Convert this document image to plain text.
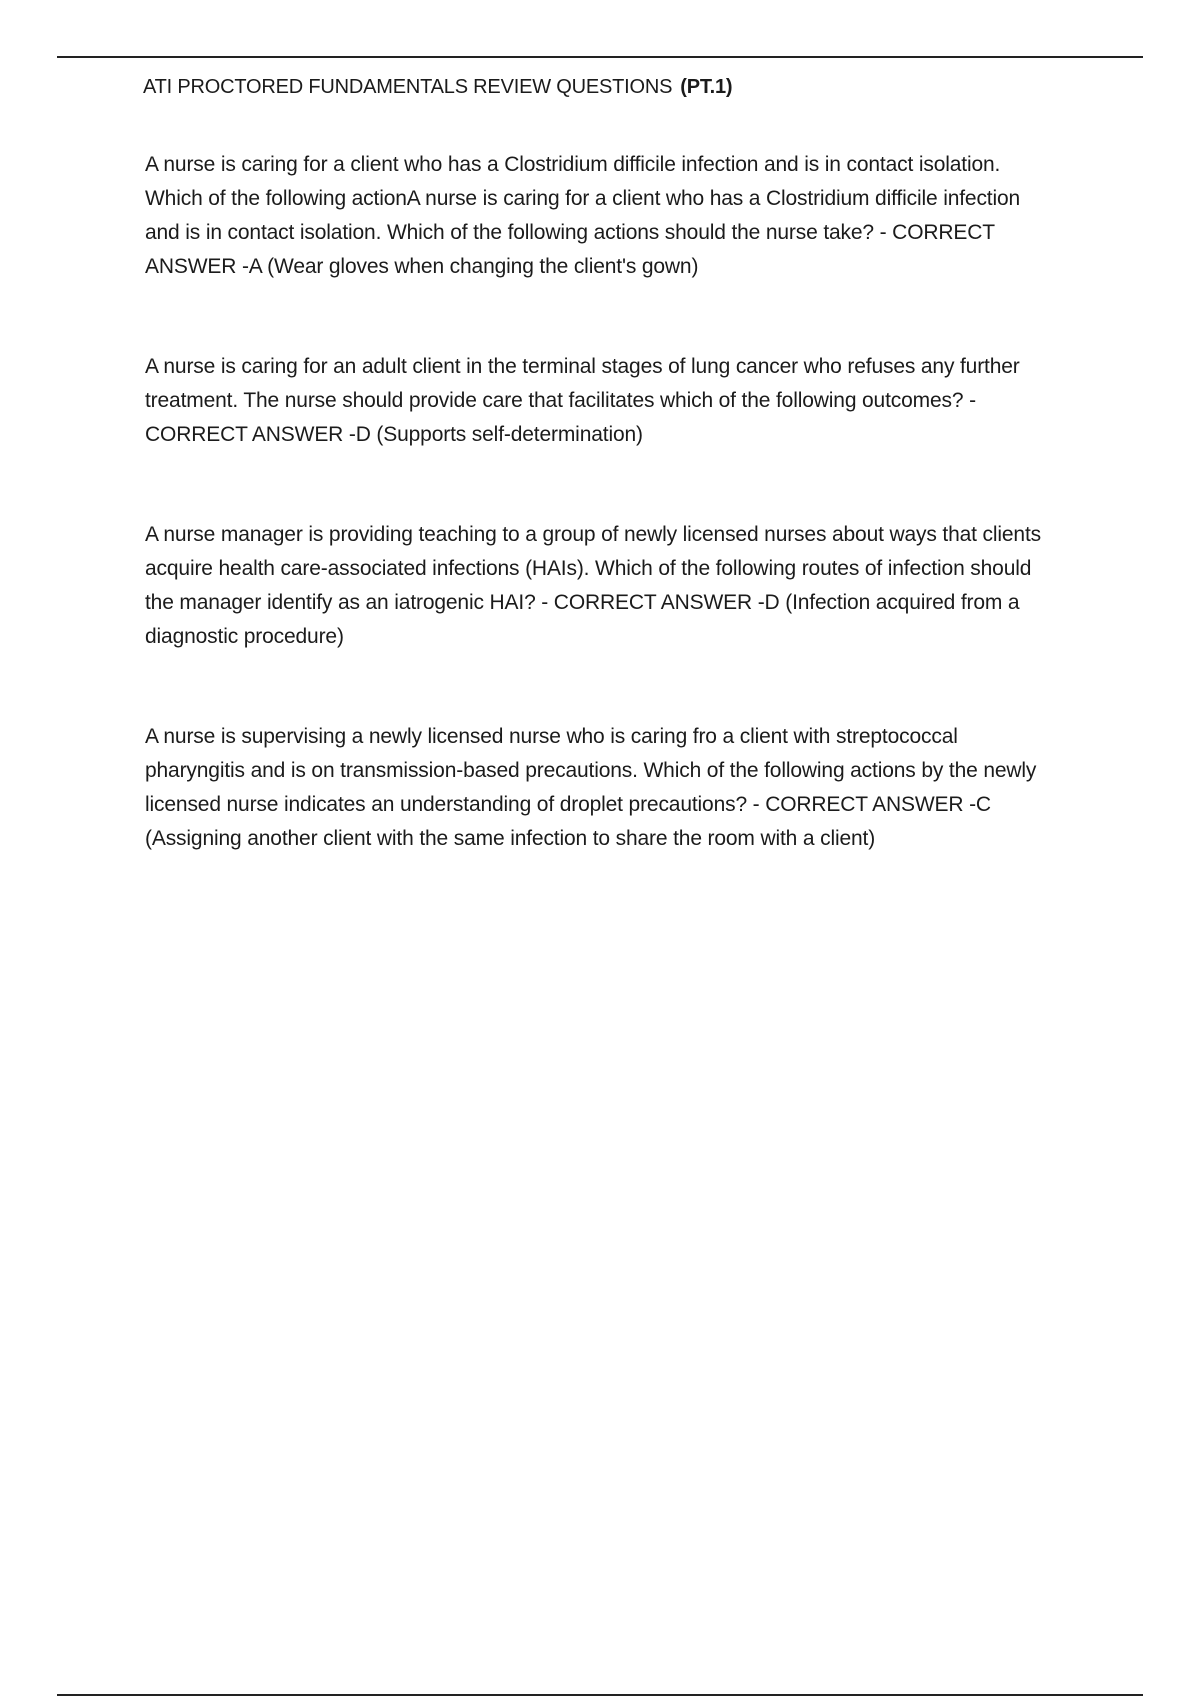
ATI PROCTORED FUNDAMENTALS REVIEW QUESTIONS (PT.1)

A nurse is caring for a client who has a Clostridium difficile infection and is in contact isolation. Which of the following actionA nurse is caring for a client who has a Clostridium difficile infection and is in contact isolation. Which of the following actions should the nurse take? - CORRECT ANSWER -A (Wear gloves when changing the client's gown)

A nurse is caring for an adult client in the terminal stages of lung cancer who refuses any further treatment. The nurse should provide care that facilitates which of the following outcomes? - CORRECT ANSWER -D (Supports self-determination)

A nurse manager is providing teaching to a group of newly licensed nurses about ways that clients acquire health care-associated infections (HAIs). Which of the following routes of infection should the manager identify as an iatrogenic HAI? - CORRECT ANSWER -D (Infection acquired from a diagnostic procedure)

A nurse is supervising a newly licensed nurse who is caring fro a client with streptococcal pharyngitis and is on transmission-based precautions. Which of the following actions by the newly licensed nurse indicates an understanding of droplet precautions? - CORRECT ANSWER -C (Assigning another client with the same infection to share the room with a client)
